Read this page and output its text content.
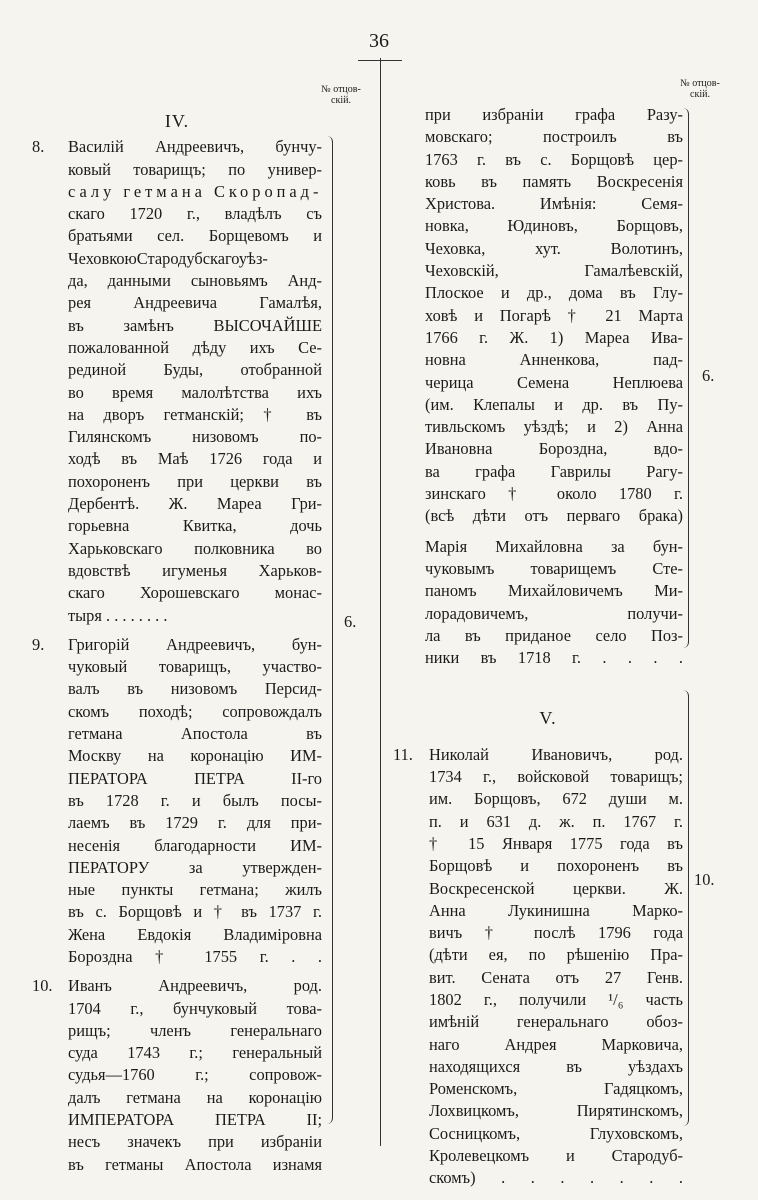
36
№ отцов-
скій.
№ отцов-
скій.
IV.
8. Василій Андреевичъ, бунчу-
ковый товарищъ; по универ-
салу гетмана Скоропад-
скаго 1720 г., владѣлъ съ
братьями сел. Борщевомъ и
ЧеховкоюСтародубскагоуѣз-
да, данными сыновьямъ Анд-
рея Андреевича Гамалѣя,
въ замѣнъ ВЫСОЧАЙШЕ
пожалованной дѣду ихъ Се-
рединой Буды, отобранной
во время малолѣтства ихъ
на дворъ гетманскій; † въ
Гилянскомъ низовомъ по-
ходѣ въ Маѣ 1726 года и
похороненъ при церкви въ
Дербентѣ. Ж. Мареа Гри-
горьевна Квитка, дочь
Харьковскаго полковника во
вдовствѣ игуменья Харьков-
скаго Хорошевскаго монас-
тыря . . . . . . . .
9. Григорій Андреевичъ, бун-
чуковый товарищъ, участво-
валъ въ низовомъ Персид-
скомъ походѣ; сопровождалъ
гетмана Апостола въ
Москву на коронацію ИМ-
ПЕРАТОРА ПЕТРА II-го
въ 1728 г. и былъ посы-
лаемъ въ 1729 г. для при-
несенія благодарности ИМ-
ПЕРАТОРУ за утвержден-
ные пункты гетмана; жилъ
въ с. Борщовѣ и † въ 1737 г.
Жена Евдокія Владиміровна
Борозднa † 1755 г. . .
10. Иванъ Андреевичъ, род.
1704 г., бунчуковый това-
рищъ; членъ генеральнаго
суда 1743 г.; генеральный
судья—1760 г.; сопровож-
далъ гетмана на коронацію
ИМПЕРАТОРА ПЕТРА II;
несъ значекъ при избраніи
въ гетманы Апостола изнамя
6.
при избраніи графа Разу-
мовскаго; построилъ въ
1763 г. въ с. Борщовѣ цер-
ковь въ память Воскресенія
Христова. Имѣнія: Семя-
новка, Юдиновъ, Борщовъ,
Чеховка, хут. Волотинъ,
Чеховскій, Гамалѣевскій,
Плоское и др., дома въ Глу-
ховѣ и Погарѣ † 21 Марта
1766 г. Ж. 1) Мареа Ива-
новна Анненкова, пад-
черица Семена Неплюева
(им. Клепалы и др. въ Пу-
тивльскомъ уѣздѣ; и 2) Анна
Ивановна Бороздна, вдо-
ва графа Гаврилы Рагу-
зинскаго † около 1780 г.
(всѣ дѣти отъ перваго брака)
Марія Михайловна за бун-
чуковымъ товарищемъ Сте-
паномъ Михайловичемъ Ми-
лорадовичемъ, получи-
ла въ приданое село Поз-
ники въ 1718 г. . . . .
V.
11. Николай Ивановичъ, род.
1734 г., войсковой товарищъ;
им. Борщовъ, 672 души м.
п. и 631 д. ж. п. 1767 г.
† 15 Января 1775 года въ
Борщовѣ и похороненъ въ
Воскресенской церкви. Ж.
Анна Лукинишна Марко-
вичъ † послѣ 1796 года
(дѣти ея, по рѣшенію Пра-
вит. Сената отъ 27 Генв.
1802 г., получили ¹/₆ часть
имѣній генеральнаго обоз-
наго Андрея Марковича,
находящихся въ уѣздахъ
Роменскомъ, Гадяцкомъ,
Лохвицкомъ, Пирятинскомъ,
Сосницкомъ, Глуховскомъ,
Кролевецкомъ и Стародуб-
скомъ) . . . . . . .
6.
10.
